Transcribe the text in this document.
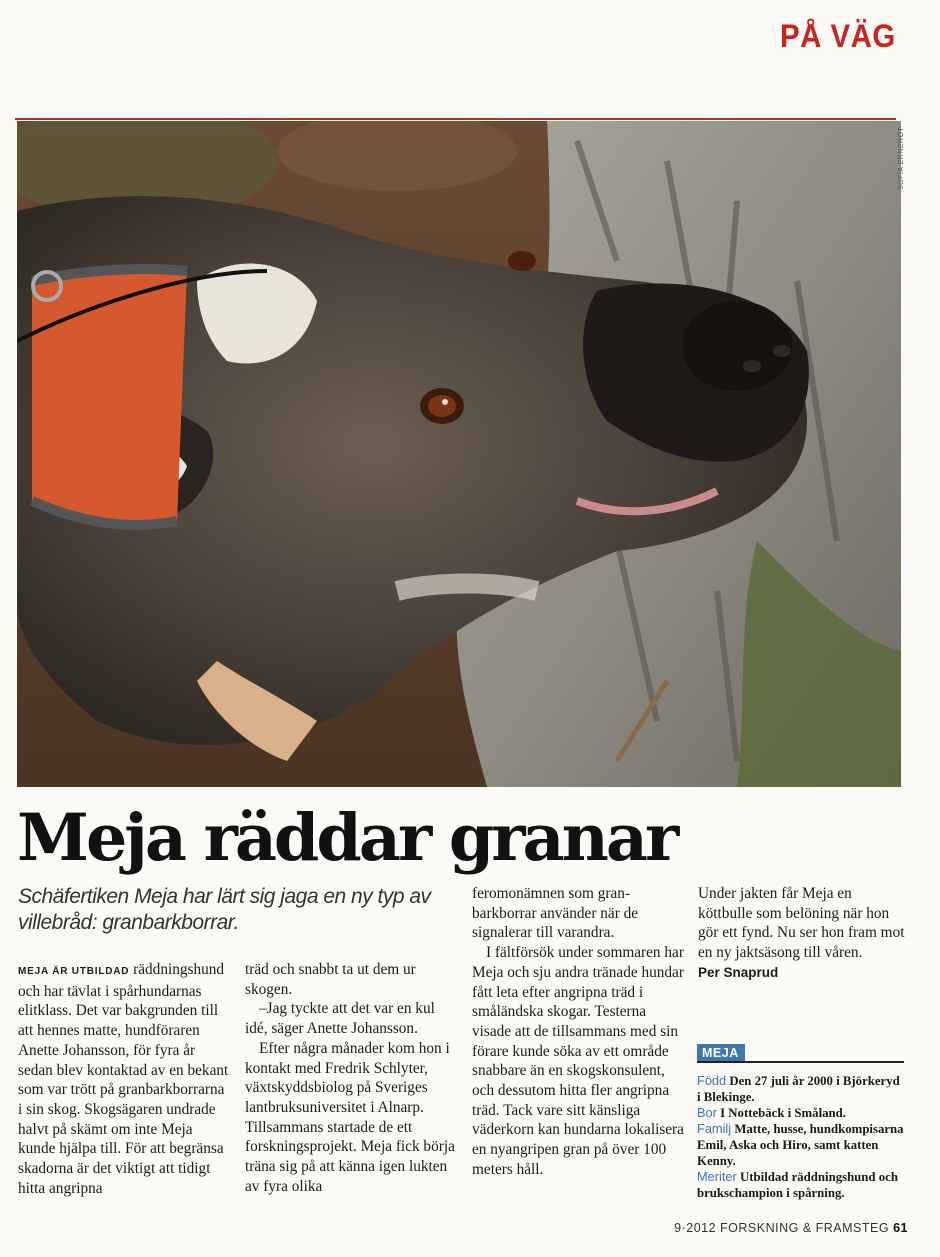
PÅ VÄG
SOFIA ERNEROT
Meja räddar granar
Schäfertiken Meja har lärt sig jaga en ny typ av villebråd: granbarkborrar.

MEJA ÄR UTBILDAD räddningshund och har tävlat i spårhundarnas elitklass. Det var bakgrunden till att hennes matte, hundföraren Anette Johansson, för fyra år sedan blev kontaktad av en bekant som var trött på granbarkborrarna i sin skog. Skogsägaren undrade halvt på skämt om inte Meja kunde hjälpa till. För att begränsa skadorna är det viktigt att tidigt hitta angripna

träd och snabbt ta ut dem ur skogen.

–Jag tyckte att det var en kul idé, säger Anette Johansson.

Efter några månader kom hon i kontakt med Fredrik Schlyter, växtskyddsbiolog på Sveriges lantbruksuniversitet i Alnarp. Tillsammans startade de ett forskningsprojekt. Meja fick börja träna sig på att känna igen lukten av fyra olika

feromonämnen som granbarkborrar använder när de signalerar till varandra.

I fältförsök under sommaren har Meja och sju andra tränade hundar fått leta efter angripna träd i småländska skogar. Testerna visade att de tillsammans med sin förare kunde söka av ett område snabbare än en skogskonsulent, och dessutom hitta fler angripna träd. Tack vare sitt känsliga väderkorn kan hundarna lokalisera en nyangripen gran på över 100 meters håll.

Under jakten får Meja en köttbulle som belöning när hon gör ett fynd. Nu ser hon fram mot en ny jaktsäsong till våren.

Per Snaprud

MEJA

Född Den 27 juli år 2000 i Björkeryd i Blekinge.

Bor I Nottebäck i Småland.

Familj Matte, husse, hundkompisarna Emil, Aska och Hiro, samt katten Kenny.

Meriter Utbildad räddningshund och brukschampion i spårning.

9·2012 FORSKNING & FRAMSTEG 61
